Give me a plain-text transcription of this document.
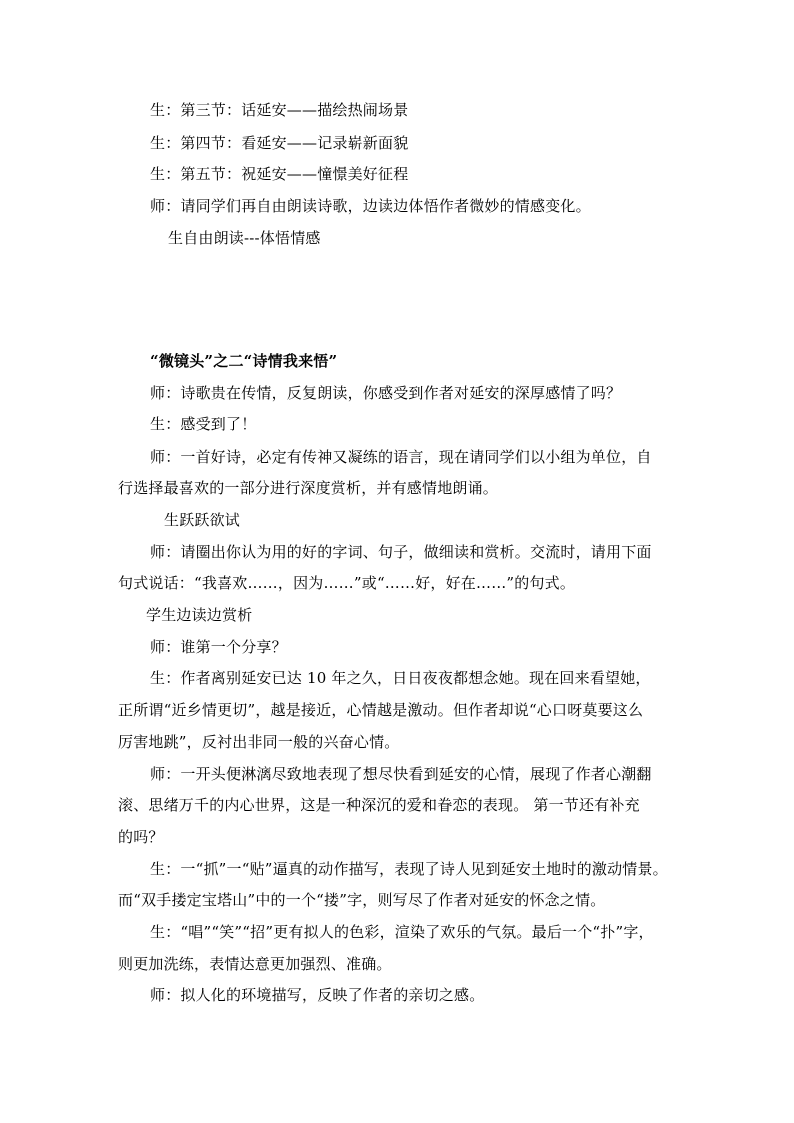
生：第三节：话延安——描绘热闹场景
生：第四节：看延安——记录崭新面貌
生：第五节：祝延安——憧憬美好征程
师：请同学们再自由朗读诗歌，边读边体悟作者微妙的情感变化。
生自由朗读---体悟情感
“微镜头”之二“诗情我来悟”
师：诗歌贵在传情，反复朗读，你感受到作者对延安的深厚感情了吗？
生：感受到了！
师：一首好诗，必定有传神又凝练的语言，现在请同学们以小组为单位，自
行选择最喜欢的一部分进行深度赏析，并有感情地朗诵。
生跃跃欲试
师：请圈出你认为用的好的字词、句子，做细读和赏析。交流时，请用下面
句式说话：“我喜欢……，因为……”或“……好，好在……”的句式。
学生边读边赏析
师：谁第一个分享？
生：作者离别延安已达 10 年之久，日日夜夜都想念她。现在回来看望她，
正所谓“近乡情更切”，越是接近，心情越是激动。但作者却说“心口呀莫要这么
厉害地跳”，反衬出非同一般的兴奋心情。
师：一开头便淋漓尽致地表现了想尽快看到延安的心情，展现了作者心潮翻
滚、思绪万千的内心世界，这是一种深沉的爱和眷恋的表现。 第一节还有补充
的吗？
生：一“抓”一“贴”逼真的动作描写，表现了诗人见到延安土地时的激动情景。
而“双手搂定宝塔山”中的一个“搂”字，则写尽了作者对延安的怀念之情。
生：“唱”“笑”“招”更有拟人的色彩，渲染了欢乐的气氛。最后一个“扑”字，
则更加洗练，表情达意更加强烈、准确。
师：拟人化的环境描写，反映了作者的亲切之感。
